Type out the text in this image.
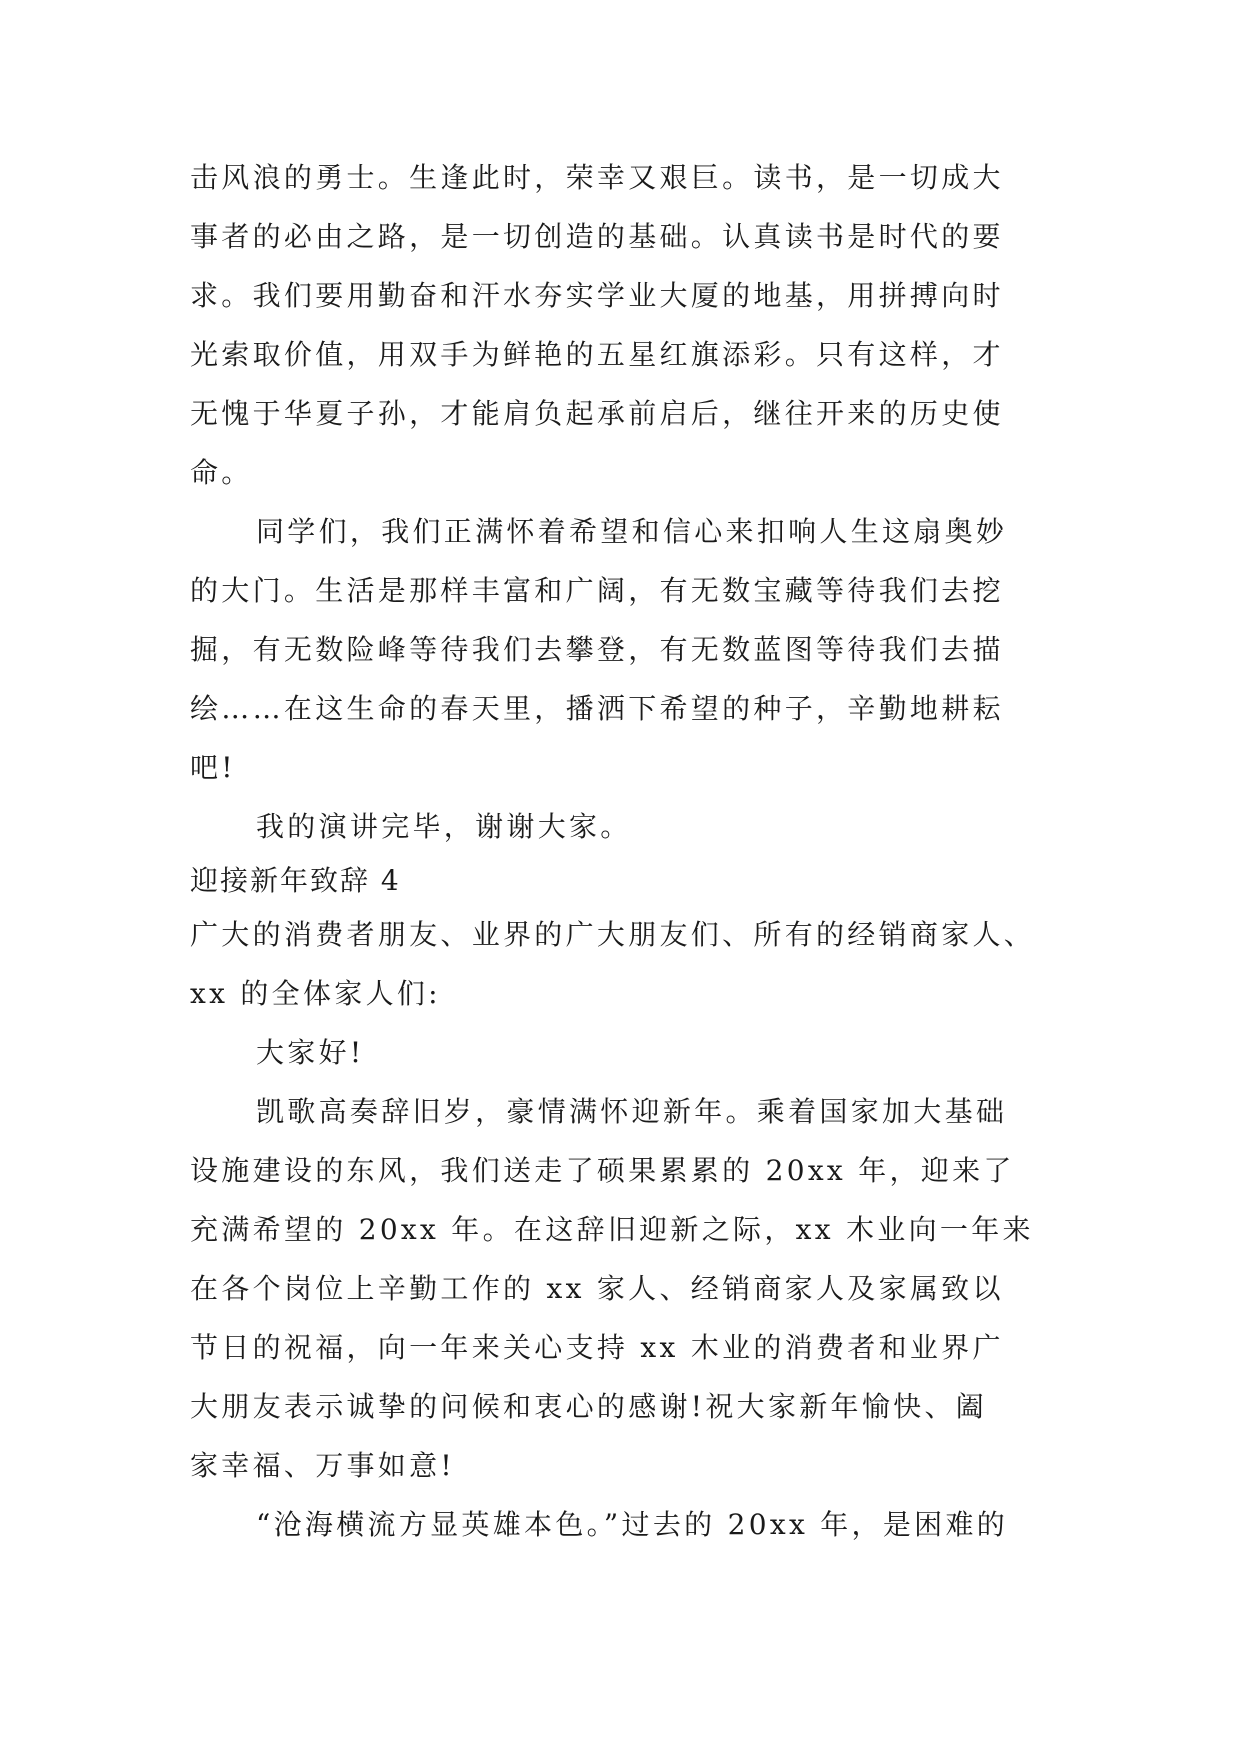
击风浪的勇士。生逢此时，荣幸又艰巨。读书，是一切成大
事者的必由之路，是一切创造的基础。认真读书是时代的要
求。我们要用勤奋和汗水夯实学业大厦的地基，用拼搏向时
光索取价值，用双手为鲜艳的五星红旗添彩。只有这样，才
无愧于华夏子孙，才能肩负起承前启后，继往开来的历史使
命。
同学们，我们正满怀着希望和信心来扣响人生这扇奥妙
的大门。生活是那样丰富和广阔，有无数宝藏等待我们去挖
掘，有无数险峰等待我们去攀登，有无数蓝图等待我们去描
绘……在这生命的春天里，播洒下希望的种子，辛勤地耕耘
吧!
我的演讲完毕，谢谢大家。
迎接新年致辞 4
广大的消费者朋友、业界的广大朋友们、所有的经销商家人、
xx 的全体家人们:
大家好!
凯歌高奏辞旧岁，豪情满怀迎新年。乘着国家加大基础
设施建设的东风，我们送走了硕果累累的 20xx 年，迎来了
充满希望的 20xx 年。在这辞旧迎新之际，xx 木业向一年来
在各个岗位上辛勤工作的 xx 家人、经销商家人及家属致以
节日的祝福，向一年来关心支持 xx 木业的消费者和业界广
大朋友表示诚挚的问候和衷心的感谢!祝大家新年愉快、阖
家幸福、万事如意!
“沧海横流方显英雄本色。”过去的 20xx 年，是困难的
